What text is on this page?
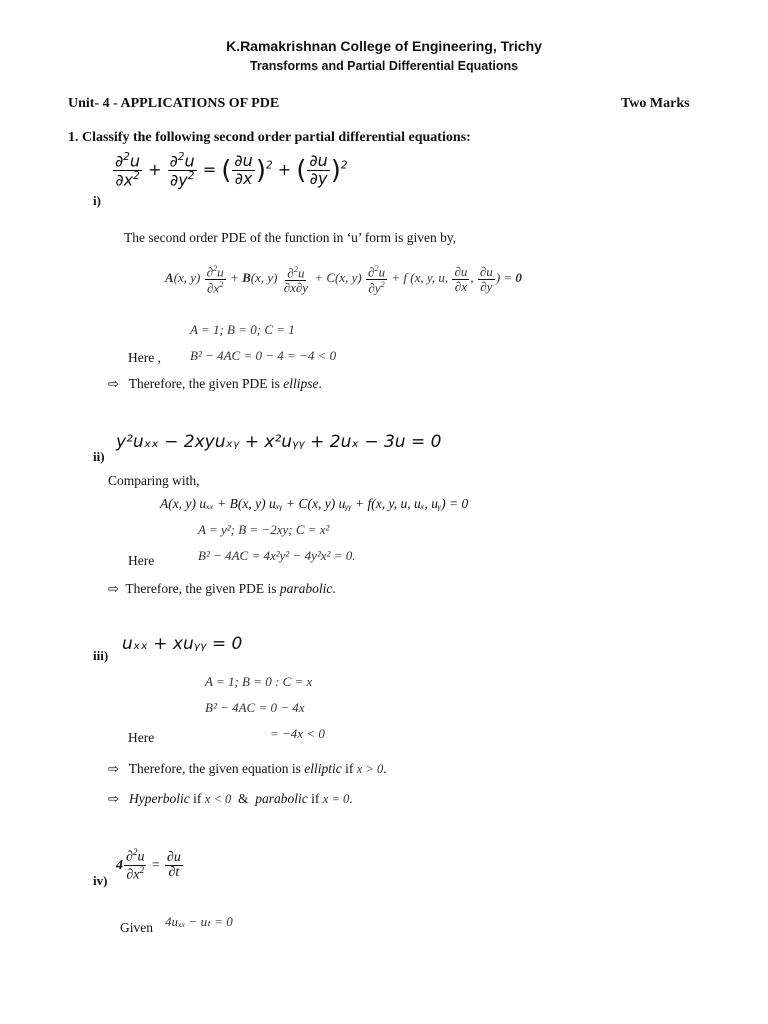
K.Ramakrishnan College of Engineering, Trichy
Transforms and Partial Differential Equations
Unit- 4 - APPLICATIONS OF PDE	Two Marks
1. Classify the following second order partial differential equations:
$\frac{\partial^2u}{\partial x^2} + \frac{\partial^2u}{\partial y^2}$ = ( $\frac{\partial u}{\partial x} )^2$ + ( $\frac{\partial u}{\partial y} )^2$
i)
The second order PDE of the function in ‘u’ form is given by,
A(x, $y) \frac{\partial^2u}{\partial x^2} + B(x$, $y) \frac{\partial^2u}{\partial x\partial y} + C(x$, $y) \frac{\partial^2u}{\partial y^2} + f$ (x, y, u, $\frac{\partial u}{\partial x}$ , $\frac{\partial u}{\partial y}$ ) = 0
A = 1; B = 0; C = 1
Here , B² − 4AC = 0 − 4 = −4 < 0
⇨ Therefore, the given PDE is ellipse.
y²uₓₓ − 2xyuₓᵧ + x²uᵧᵧ + 2uₓ − 3u = 0
ii)
Comparing with,
A(x, y) uₓₓ + B(x, y) uₓᵧ + C(x, y) uᵧᵧ + f(x, y, u, uₓ, uᵧ) = 0
A = y²; B = −2xy; C = x²
B² − 4AC = 4x²y² − 4y²x² = 0.
Here
⇨ Therefore, the given PDE is parabolic.
uₓₓ + xuᵧᵧ = 0
iii)
A = 1; B = 0 : C = x
B² − 4AC = 0 − 4x
Here	= −4x < 0
⇨ Therefore, the given equation is elliptic if x > 0.
⇨ Hyperbolic if x < 0  &  parabolic if x = 0.
$4 \frac{\partial^2u}{\partial x^2} = \frac{\partial u}{\partial t}$
iv)
Given 4uₓₓ − uₜ = 0
